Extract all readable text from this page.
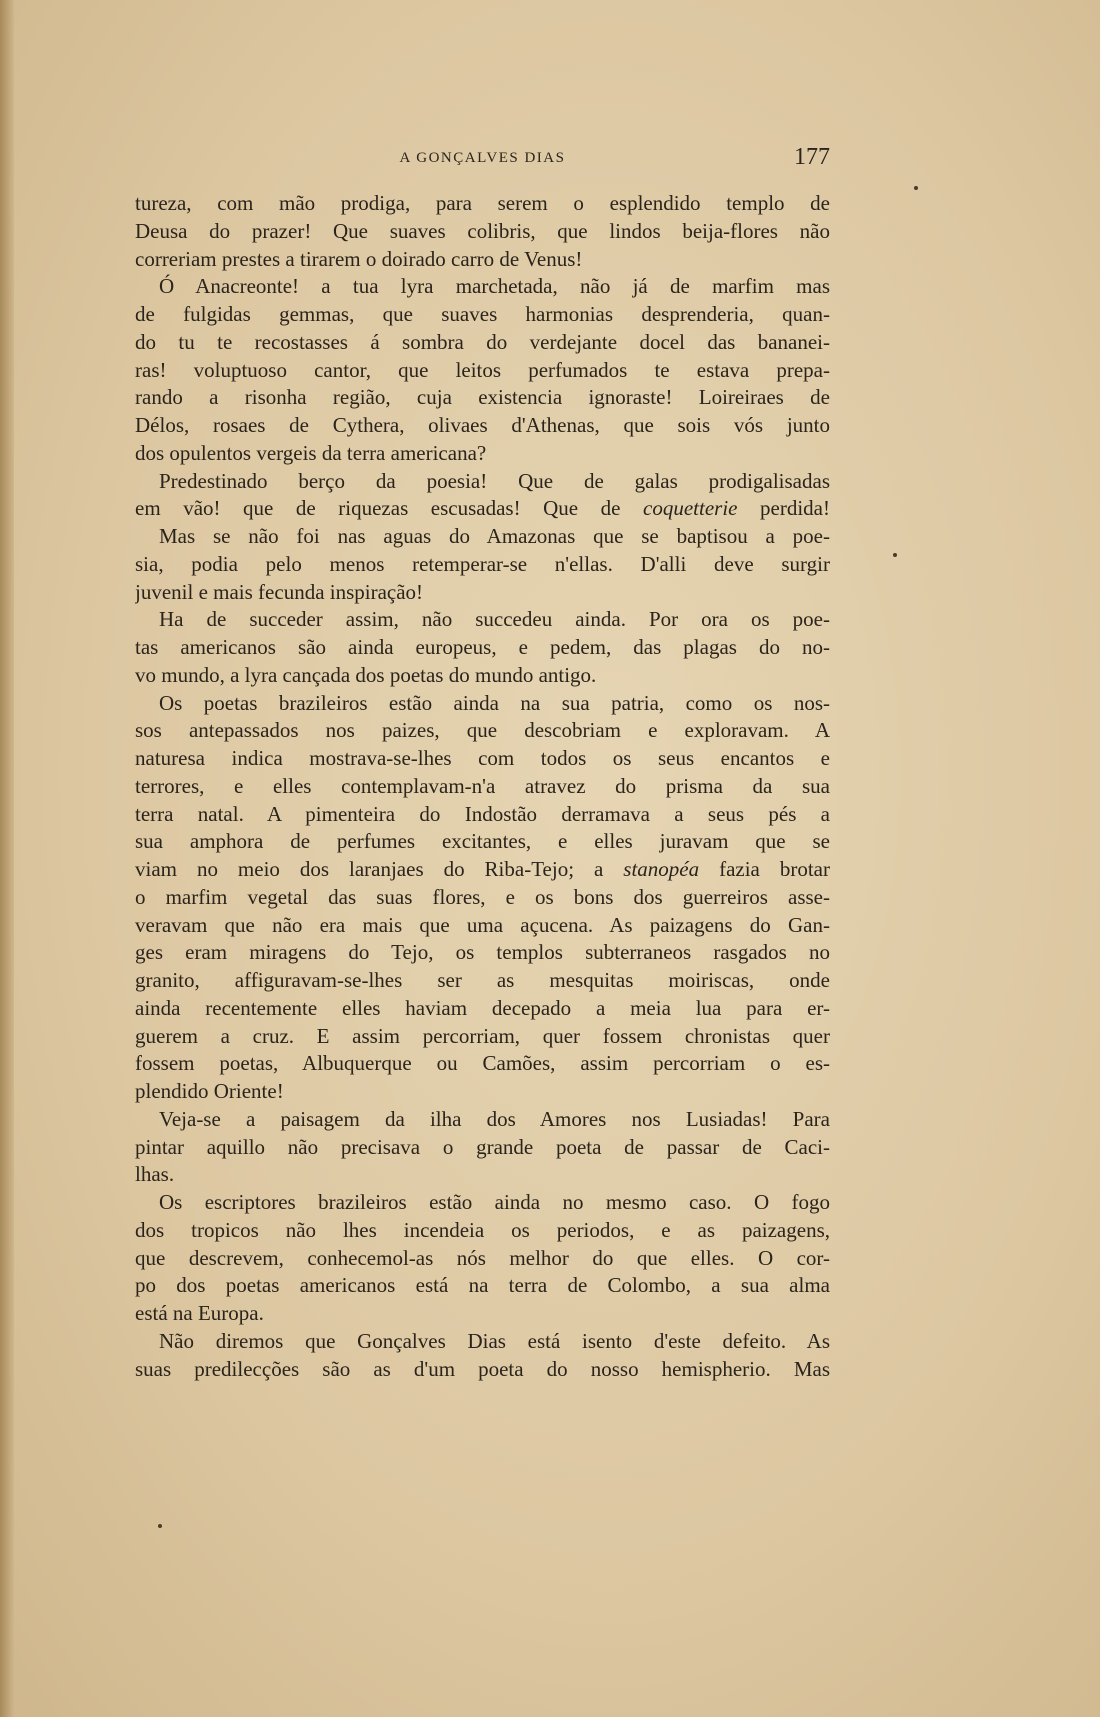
A GONÇALVES DIAS	177
tureza, com mão prodiga, para serem o esplendido templo de
Deusa do prazer! Que suaves colibris, que lindos beija-flores não
correriam prestes a tirarem o doirado carro de Venus!
Ó Anacreonte! a tua lyra marchetada, não já de marfim mas
de fulgidas gemmas, que suaves harmonias desprenderia, quan-
do tu te recostasses á sombra do verdejante docel das bananei-
ras! voluptuoso cantor, que leitos perfumados te estava prepa-
rando a risonha região, cuja existencia ignoraste! Loireiraes de
Délos, rosaes de Cythera, olivaes d'Athenas, que sois vós junto
dos opulentos vergeis da terra americana?
Predestinado berço da poesia! Que de galas prodigalisadas
em vão! que de riquezas escusadas! Que de coquetterie perdida!
Mas se não foi nas aguas do Amazonas que se baptisou a poe-
sia, podia pelo menos retemperar-se n'ellas. D'alli deve surgir
juvenil e mais fecunda inspiração!
Ha de succeder assim, não succedeu ainda. Por ora os poe-
tas americanos são ainda europeus, e pedem, das plagas do no-
vo mundo, a lyra cançada dos poetas do mundo antigo.
Os poetas brazileiros estão ainda na sua patria, como os nos-
sos antepassados nos paizes, que descobriam e exploravam. A
naturesa indica mostrava-se-lhes com todos os seus encantos e
terrores, e elles contemplavam-n'a atravez do prisma da sua
terra natal. A pimenteira do Indostão derramava a seus pés a
sua amphora de perfumes excitantes, e elles juravam que se
viam no meio dos laranjaes do Riba-Tejo; a stanopéa fazia brotar
o marfim vegetal das suas flores, e os bons dos guerreiros asse-
veravam que não era mais que uma açucena. As paizagens do Gan-
ges eram miragens do Tejo, os templos subterraneos rasgados no
granito, affiguravam-se-lhes ser as mesquitas moiriscas, onde
ainda recentemente elles haviam decepado a meia lua para er-
guerem a cruz. E assim percorriam, quer fossem chronistas quer
fossem poetas, Albuquerque ou Camões, assim percorriam o es-
plendido Oriente!
Veja-se a paisagem da ilha dos Amores nos Lusiadas! Para
pintar aquillo não precisava o grande poeta de passar de Caci-
lhas.
Os escriptores brazileiros estão ainda no mesmo caso. O fogo
dos tropicos não lhes incendeia os periodos, e as paizagens,
que descrevem, conhecemol-as nós melhor do que elles. O cor-
po dos poetas americanos está na terra de Colombo, a sua alma
está na Europa.
Não diremos que Gonçalves Dias está isento d'este defeito. As
suas predilecções são as d'um poeta do nosso hemispherio. Mas
